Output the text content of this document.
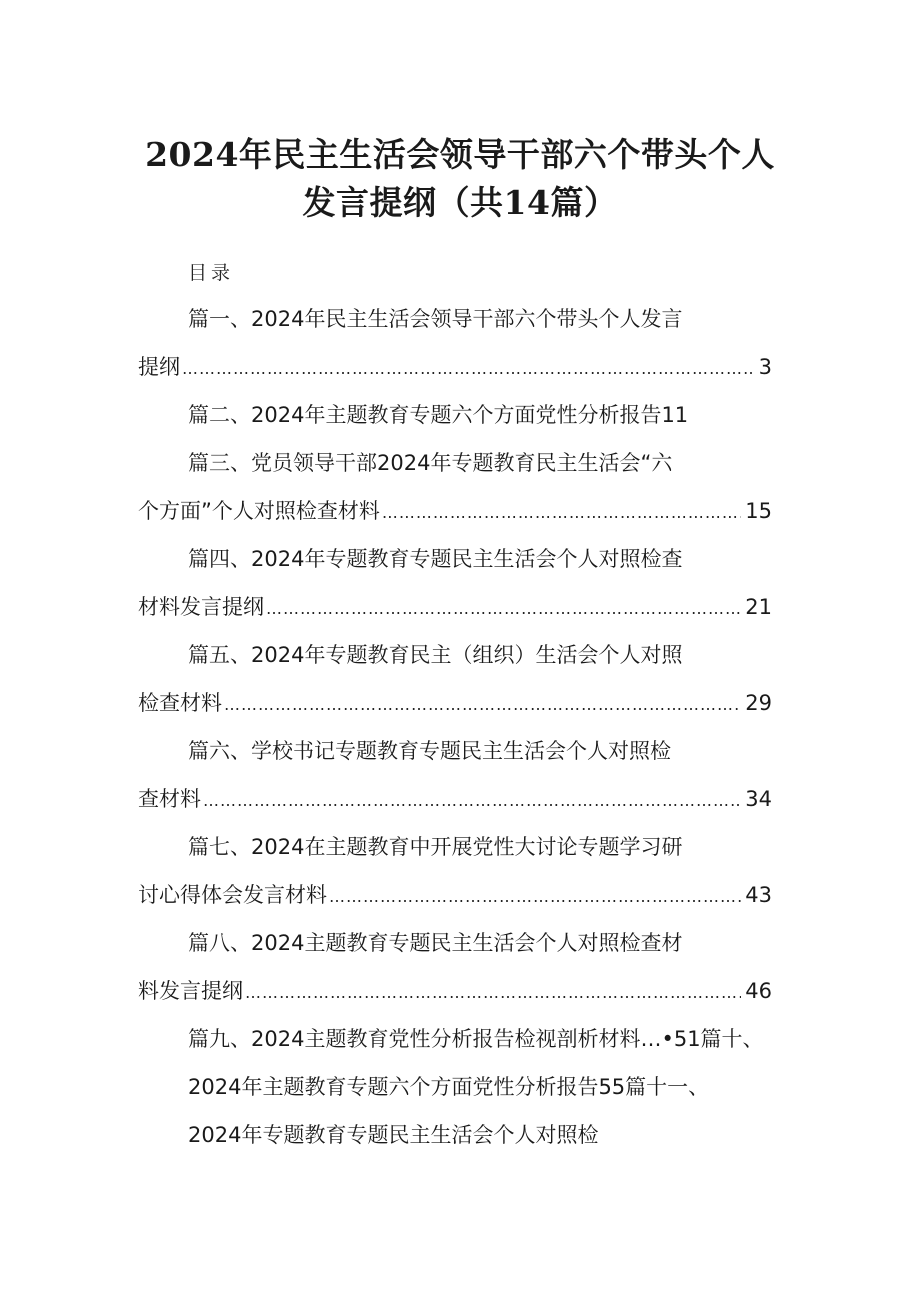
2024年民主生活会领导干部六个带头个人
发言提纲（共14篇）
目录
篇一、2024年民主生活会领导干部六个带头个人发言
提纲 ……………………………………………………………………………………………………………………………………………………………………	3
篇二、2024年主题教育专题六个方面党性分析报告11
篇三、党员领导干部2024年专题教育民主生活会“六
个方面”个人对照检查材料 ……………………………………………………………………………………………………………………………………………………………………	15
篇四、2024年专题教育专题民主生活会个人对照检查
材料发言提纲 ……………………………………………………………………………………………………………………………………………………………………	21
篇五、2024年专题教育民主（组织）生活会个人对照
检查材料 ……………………………………………………………………………………………………………………………………………………………………	29
篇六、学校书记专题教育专题民主生活会个人对照检
查材料 ……………………………………………………………………………………………………………………………………………………………………	34
篇七、2024在主题教育中开展党性大讨论专题学习研
讨心得体会发言材料 ……………………………………………………………………………………………………………………………………………………………………	43
篇八、2024主题教育专题民主生活会个人对照检查材
料发言提纲 ……………………………………………………………………………………………………………………………………………………………………	46
篇九、2024主题教育党性分析报告检视剖析材料…•51篇十、
2024年主题教育专题六个方面党性分析报告55篇十一、
2024年专题教育专题民主生活会个人对照检
